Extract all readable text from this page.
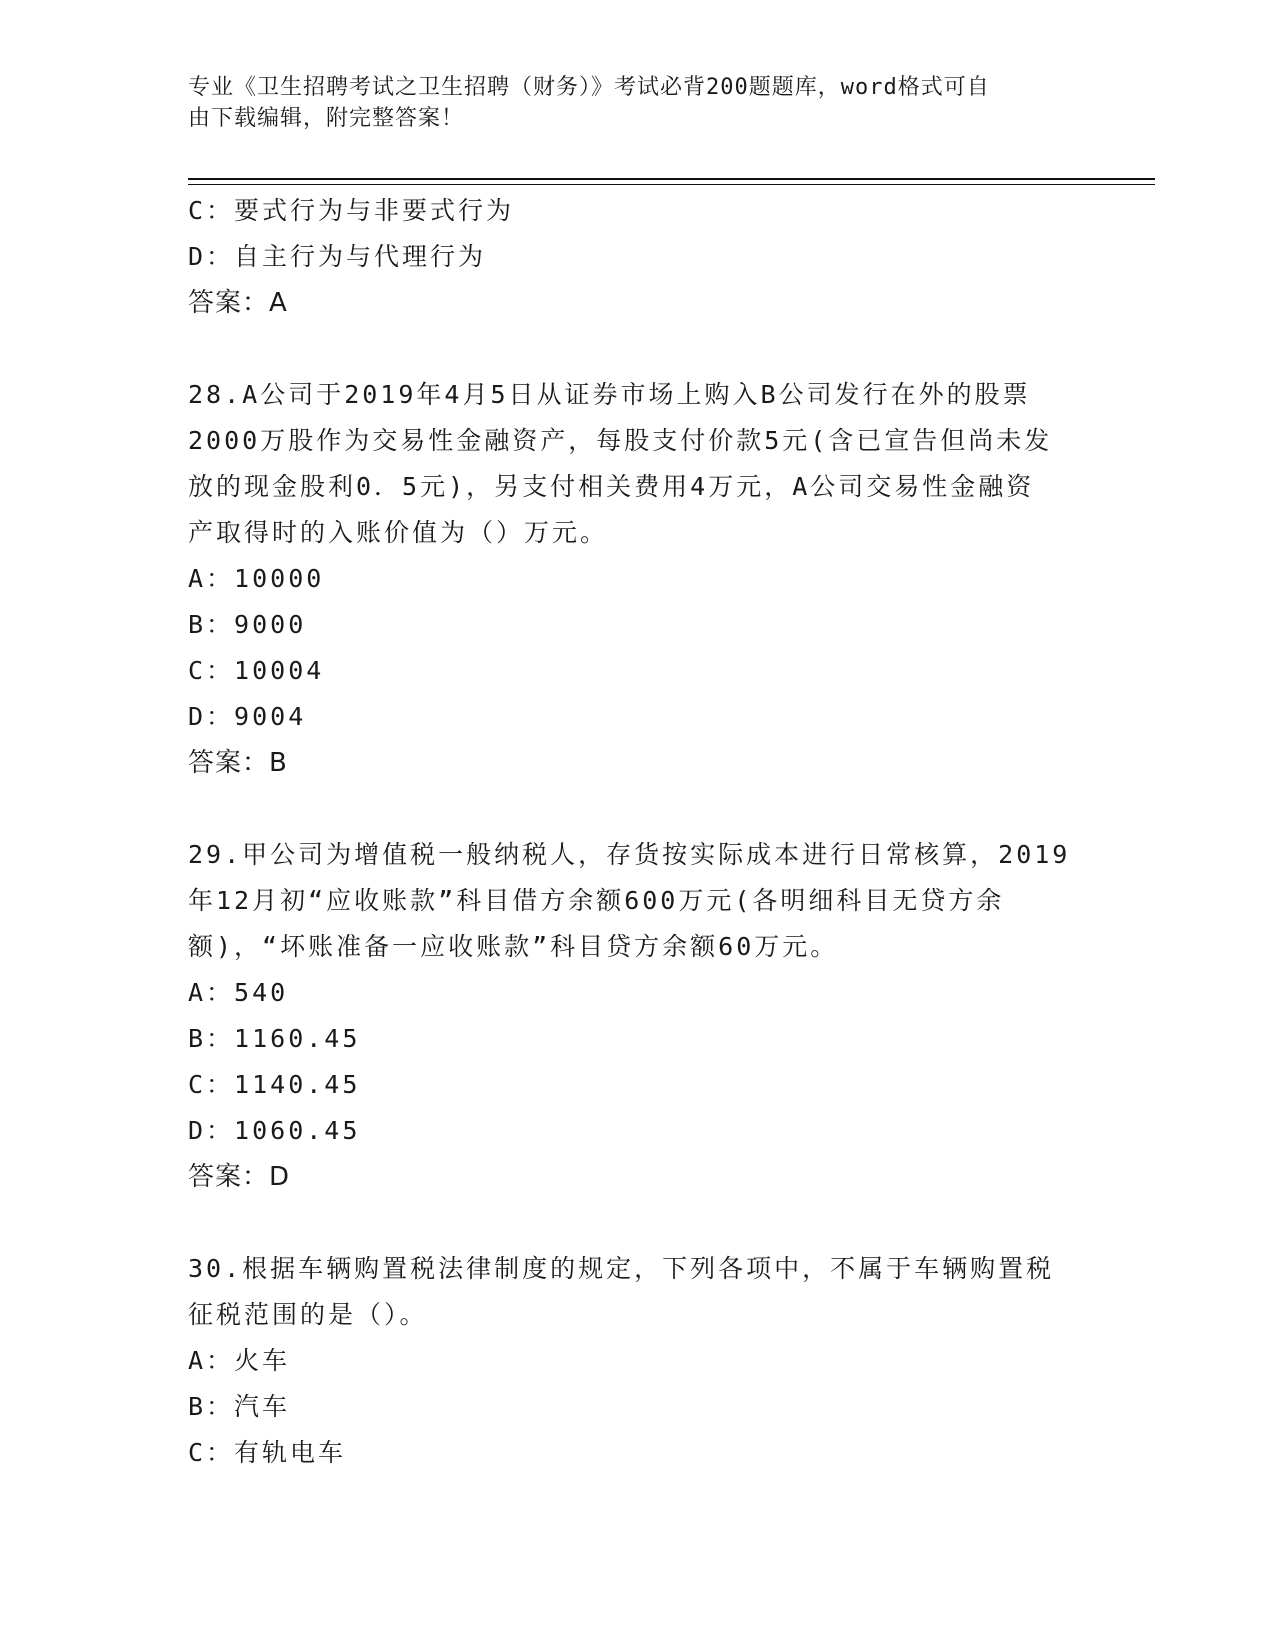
专业《卫生招聘考试之卫生招聘（财务）》考试必背200题题库，word格式可自
由下载编辑，附完整答案！
C：要式行为与非要式行为
D：自主行为与代理行为
答案：A
28.A公司于2019年4月5日从证券市场上购入B公司发行在外的股票
2000万股作为交易性金融资产，每股支付价款5元(含已宣告但尚未发
放的现金股利0．5元)，另支付相关费用4万元，A公司交易性金融资
产取得时的入账价值为（）万元。
A：10000
B：9000
C：10004
D：9004
答案：B
29.甲公司为增值税一般纳税人，存货按实际成本进行日常核算，2019
年12月初“应收账款”科目借方余额600万元(各明细科目无贷方余
额)，“坏账准备一应收账款”科目贷方余额60万元。
A：540
B：1160.45
C：1140.45
D：1060.45
答案：D
30.根据车辆购置税法律制度的规定，下列各项中，不属于车辆购置税
征税范围的是（）。
A：火车
B：汽车
C：有轨电车
